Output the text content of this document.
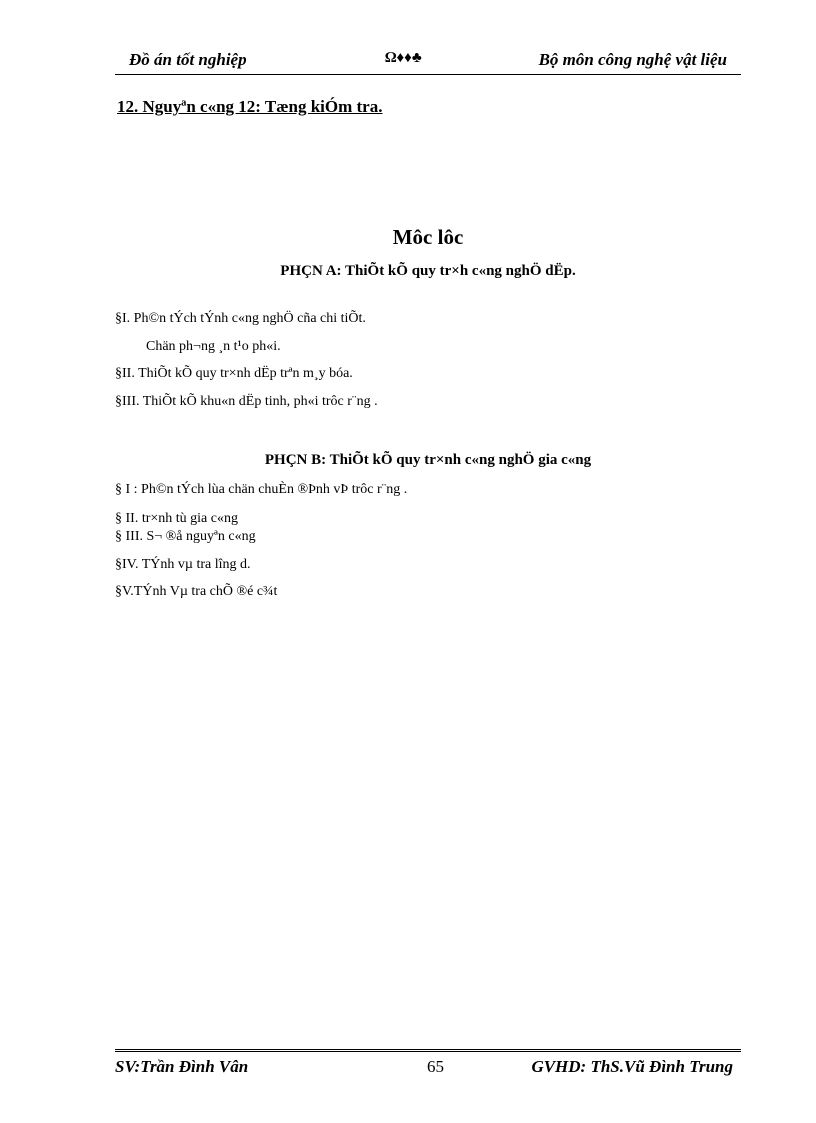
Đồ án tốt nghiệp	Ω♦♦♣	Bộ môn công nghệ vật liệu
12. Nguyªn c«ng 12: Tæng kiÓm tra.
Môc lôc
PHÇN A: ThiÕt kÕ quy tr×h c«ng nghÖ dËp.
§I. Ph©n tÝch tÝnh c«ng nghÖ cña chi tiÕt.
Chän ph¬ng ¸n t¹o ph«i.
§II. ThiÕt kÕ quy tr×nh dËp trªn m¸y bóa.
§III. ThiÕt kÕ khu«n dËp tinh, ph«i trôc r¨ng .
PHÇN B: ThiÕt kÕ quy tr×nh c«ng nghÖ gia c«ng
§ I : Ph©n tÝch lùa chän chuÈn ®Þnh vÞ trôc r¨ng .
§ II. tr×nh tù gia c«ng
§ III. S¬ ®å nguyªn c«ng
§IV. TÝnh vµ tra lîng d.
§V.TÝnh Vµ tra chÕ ®é c¾t
SV:Trần Đình Vân	65	GVHD: ThS.Vũ Đình Trung
